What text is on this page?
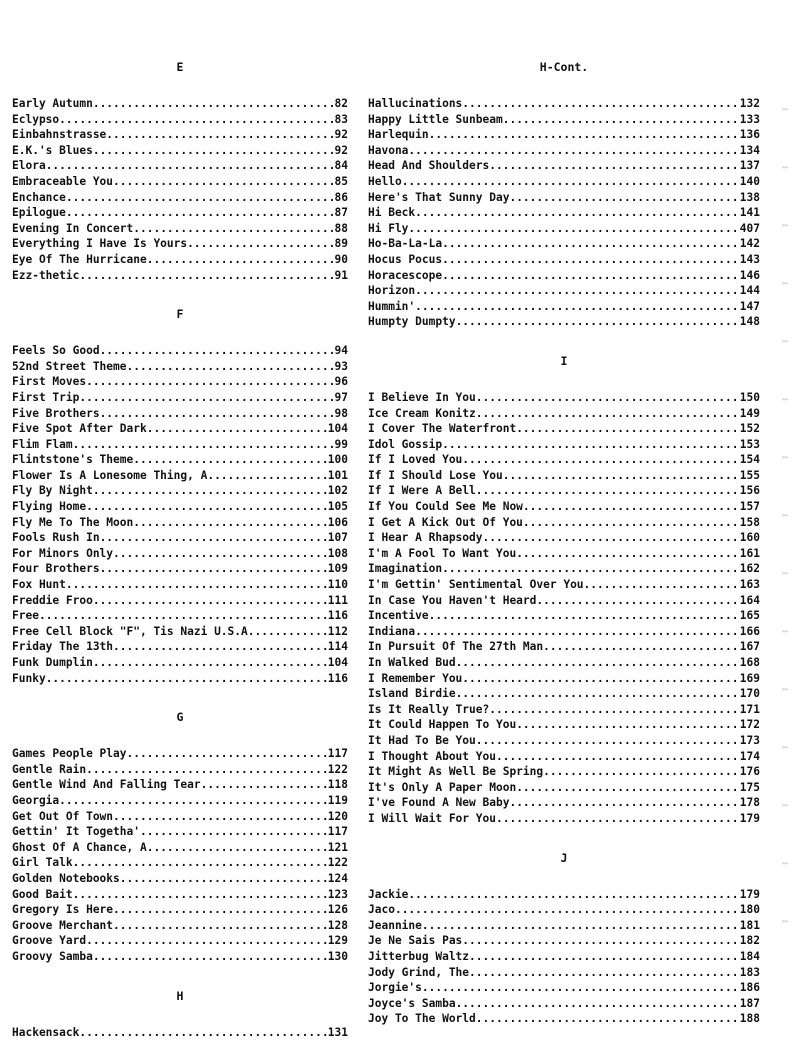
E
Early Autumn .....	82
Eclypso. .....	83
Einbahnstrasse .....	92
E.K.'s Blues .....	92
Elora .....	84
Embraceable You .....	85
Enchance .....	86
Epilogue .....	87
Evening In Concert .....	88
Everything I Have Is Yours .....	89
Eye Of The Hurricane .....	90
Ezz-thetic .....	91
F
Feels So Good .....	94
52nd Street Theme .....	93
First Moves .....	96
First Trip .....	97
Five Brothers .....	98
Five Spot After Dark .....	104
Flim Flam .....	99
Flintstone's Theme .....	100
Flower Is A Lonesome Thing, A .....	101
Fly By Night .....	102
Flying Home .....	105
Fly Me To The Moon .....	106
Fools Rush In .....	107
For Minors Only .....	108
Four Brothers .....	109
Fox Hunt .....	110
Freddie Froo .....	111
Free .....	116
Free Cell Block "F", Tis Nazi U.S.A. .....	112
Friday The 13th .....	114
Funk Dumplin .....	104
Funky .....	116
G
Games People Play .....	117
Gentle Rain .....	122
Gentle Wind And Falling Tear .....	118
Georgia .....	119
Get Out Of Town .....	120
Gettin' It Togetha' .....	117
Ghost Of A Chance, A .....	121
Girl Talk .....	122
Golden Notebooks .....	124
Good Bait .....	123
Gregory Is Here .....	126
Groove Merchant .....	128
Groove Yard .....	129
Groovy Samba .....	130
H
Hackensack .....	131
H-Cont.
Hallucinations .....	132
Happy Little Sunbeam .....	133
Harlequin .....	136
Havona .....	134
Head And Shoulders .....	137
Hello .....	140
Here's That Sunny Day .....	138
Hi Beck .....	141
Hi Fly .....	407
Ho-Ba-La-La .....	142
Hocus Pocus .....	143
Horacescope .....	146
Horizon .....	144
Hummin' .....	147
Humpty Dumpty .....	148
I
I Believe In You .....	150
Ice Cream Konitz .....	149
I Cover The Waterfront .....	152
Idol Gossip .....	153
If I Loved You .....	154
If I Should Lose You .....	155
If I Were A Bell .....	156
If You Could See Me Now .....	157
I Get A Kick Out Of You .....	158
I Hear A Rhapsody .....	160
I'm A Fool To Want You .....	161
Imagination .....	162
I'm Gettin' Sentimental Over You .....	163
In Case You Haven't Heard .....	164
Incentive .....	165
Indiana .....	166
In Pursuit Of The 27th Man .....	167
In Walked Bud .....	168
I Remember You .....	169
Island Birdie .....	170
Is It Really True? .....	171
It Could Happen To You .....	172
It Had To Be You .....	173
I Thought About You .....	174
It Might As Well Be Spring .....	176
It's Only A Paper Moon .....	175
I've Found A New Baby .....	178
I Will Wait For You .....	179
J
Jackie .....	179
Jaco .....	180
Jeannine .....	181
Je Ne Sais Pas .....	182
Jitterbug Waltz .....	184
Jody Grind, The .....	183
Jorgie's .....	186
Joyce's Samba .....	187
Joy To The World .....	188
